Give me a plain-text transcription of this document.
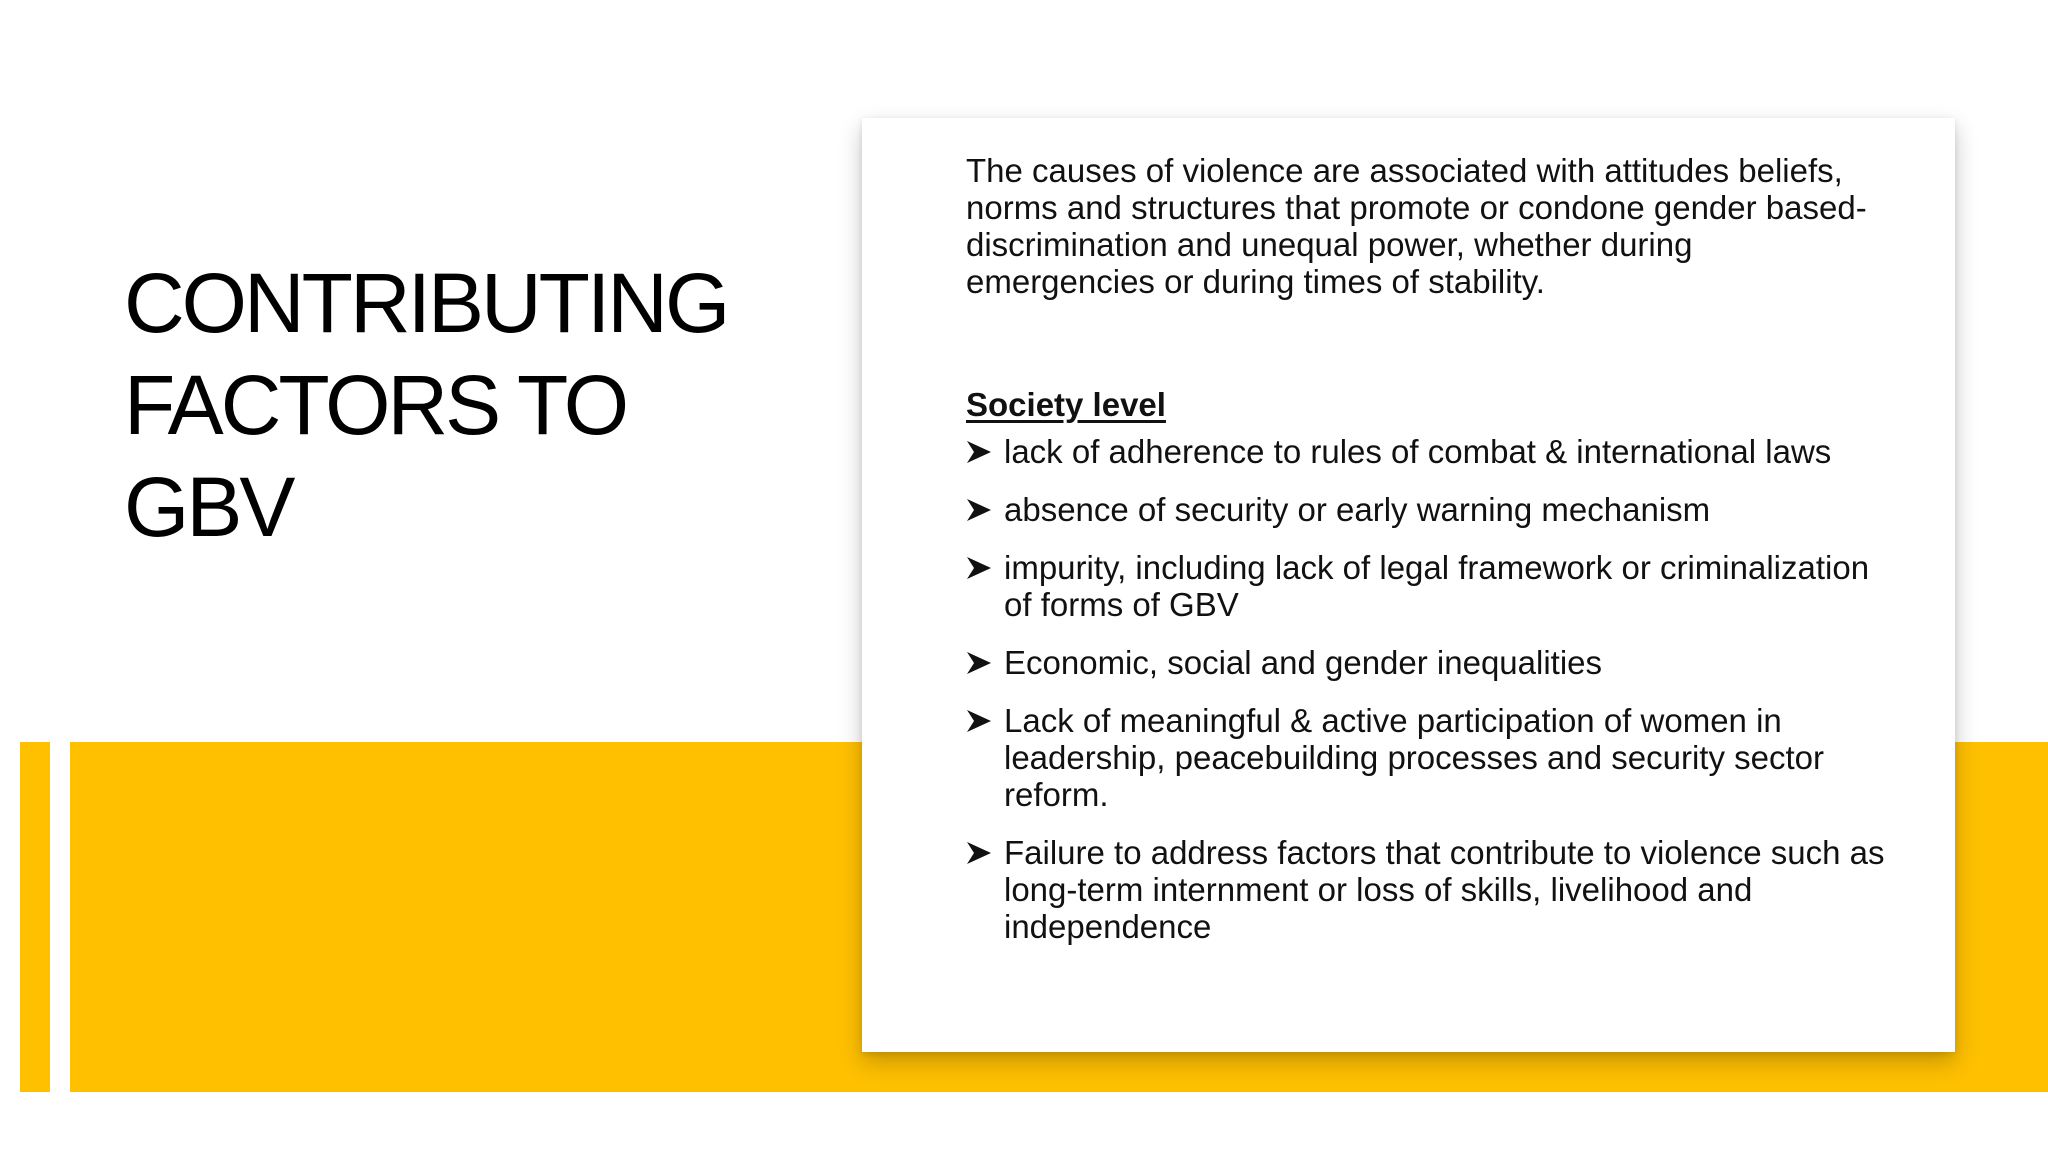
CONTRIBUTING FACTORS TO GBV

The causes of violence are associated with attitudes beliefs, norms and structures that promote or condone gender based-discrimination and unequal power, whether during emergencies or during times of stability.

Society level

lack of adherence to rules of combat & international laws
absence of security or early warning mechanism
impurity, including lack of legal framework or criminalization of forms of GBV
Economic, social and gender inequalities
Lack of meaningful & active participation of women in leadership, peacebuilding processes and security sector reform.
Failure to address factors that contribute to violence such as long-term internment or loss of skills, livelihood and independence
